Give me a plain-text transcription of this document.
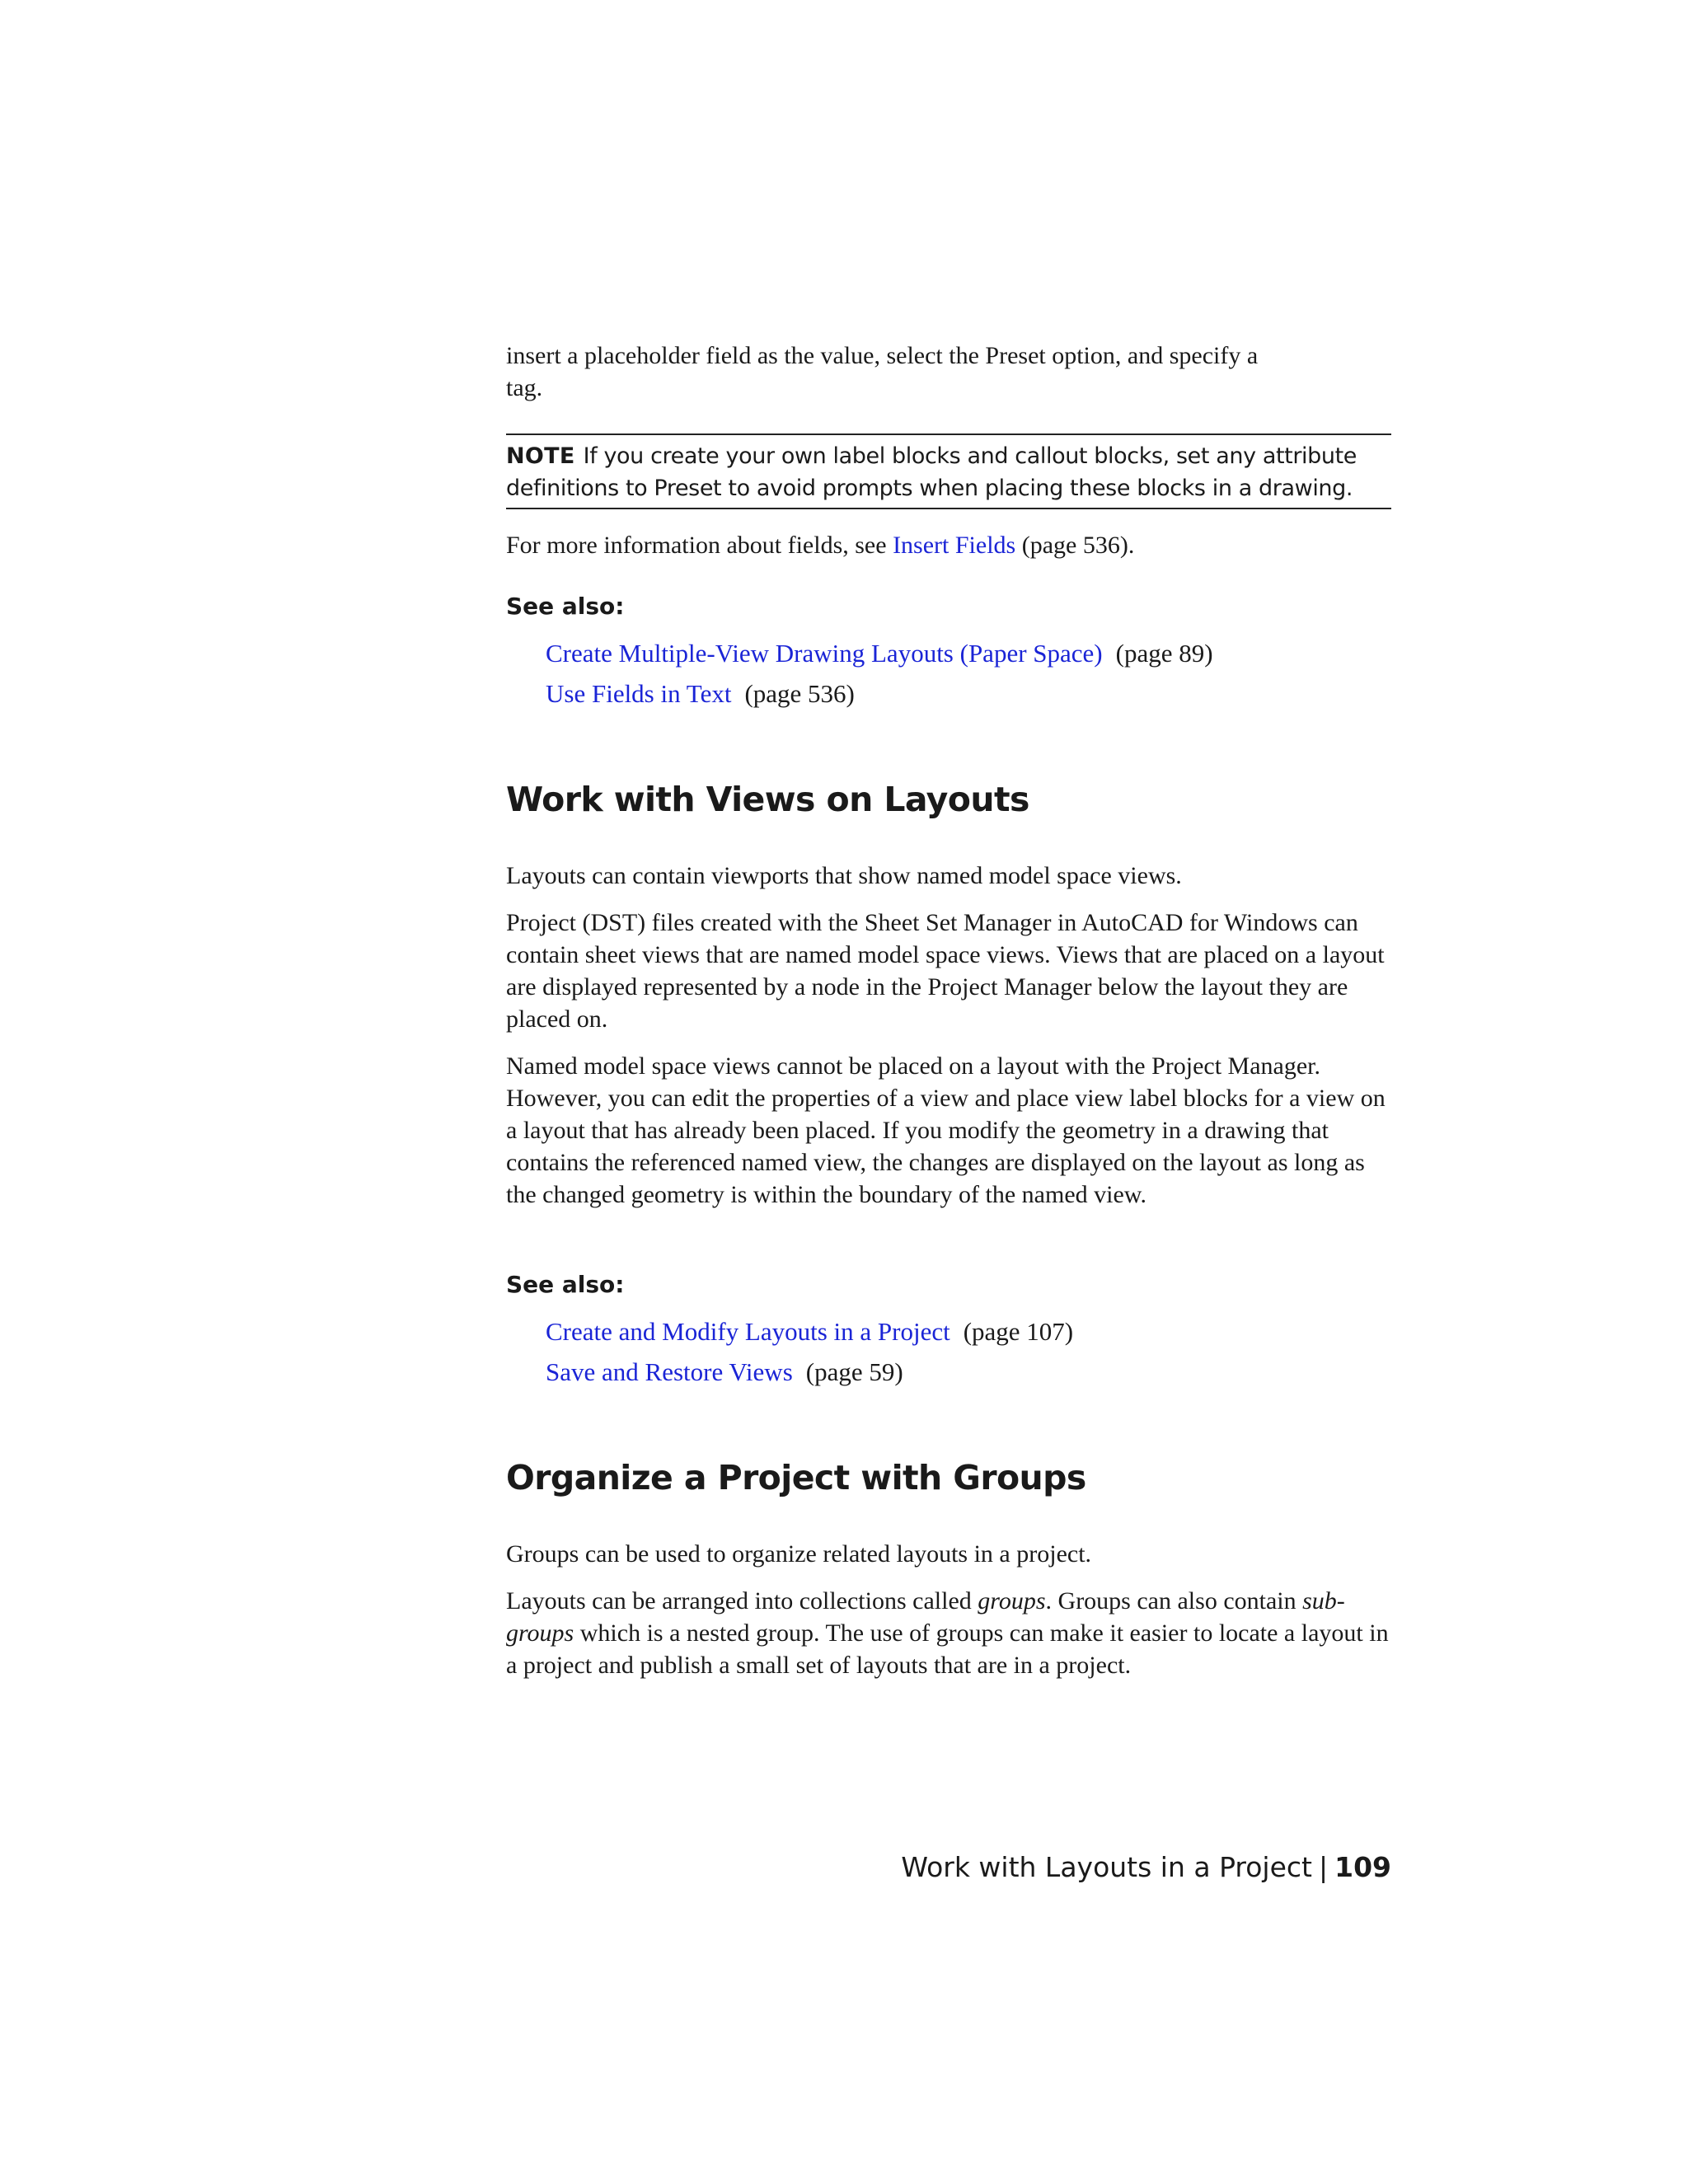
insert a placeholder field as the value, select the Preset option, and specify a
tag.

NOTE If you create your own label blocks and callout blocks, set any attribute definitions to Preset to avoid prompts when placing these blocks in a drawing.

For more information about fields, see Insert Fields (page 536).

See also:
Create Multiple-View Drawing Layouts (Paper Space) (page 89)
Use Fields in Text (page 536)
Work with Views on Layouts

Layouts can contain viewports that show named model space views.

Project (DST) files created with the Sheet Set Manager in AutoCAD for Windows can contain sheet views that are named model space views. Views that are placed on a layout are displayed represented by a node in the Project Manager below the layout they are placed on.

Named model space views cannot be placed on a layout with the Project Manager. However, you can edit the properties of a view and place view label blocks for a view on a layout that has already been placed. If you modify the geometry in a drawing that contains the referenced named view, the changes are displayed on the layout as long as the changed geometry is within the boundary of the named view.

See also:
Create and Modify Layouts in a Project (page 107)
Save and Restore Views (page 59)
Organize a Project with Groups

Groups can be used to organize related layouts in a project.

Layouts can be arranged into collections called groups. Groups can also contain sub-groups which is a nested group. The use of groups can make it easier to locate a layout in a project and publish a small set of layouts that are in a project.

Work with Layouts in a Project | 109
